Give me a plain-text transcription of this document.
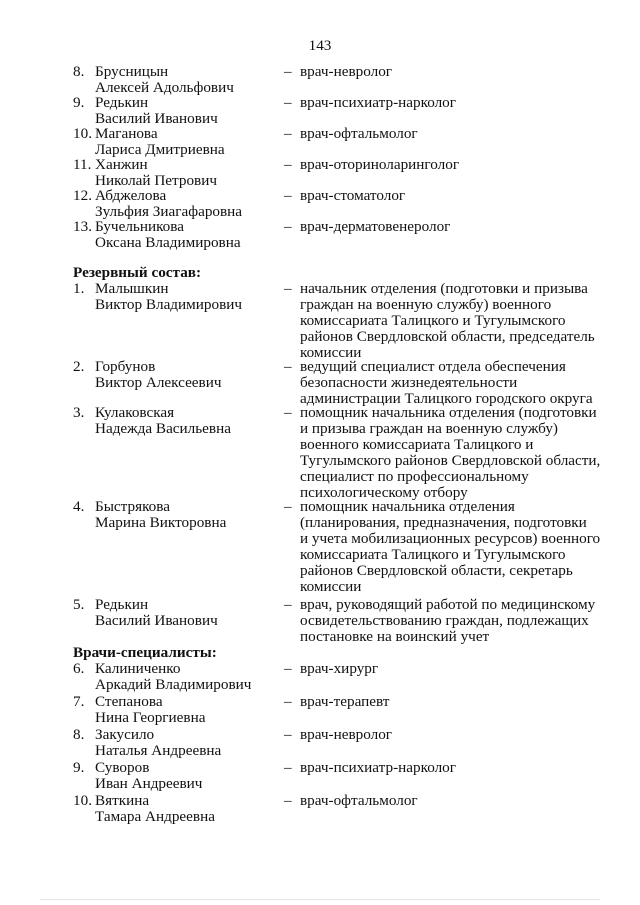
143
8. Брусницын
Алексей Адольфович
– врач-невролог
9. Редькин
Василий Иванович
– врач-психиатр-нарколог
10. Маганова
Лариса Дмитриевна
– врач-офтальмолог
11. Ханжин
Николай Петрович
– врач-оториноларинголог
12. Абджелова
Зульфия Зиагафаровна
– врач-стоматолог
13. Бучельникова
Оксана Владимировна
– врач-дерматовенеролог
Резервный состав:
1. Малышкин
Виктор Владимирович
– начальник отделения (подготовки и призыва
граждан на военную службу) военного
комиссариата Талицкого и Тугулымского
районов Свердловской области, председатель
комиссии
2. Горбунов
Виктор Алексеевич
– ведущий специалист отдела обеспечения
безопасности жизнедеятельности
администрации Талицкого городского округа
3. Кулаковская
Надежда Васильевна
– помощник начальника отделения (подготовки
и призыва граждан на военную службу)
военного комиссариата Талицкого и
Тугулымского районов Свердловской области,
специалист по профессиональному
психологическому отбору
4. Быстрякова
Марина Викторовна
– помощник начальника отделения
(планирования, предназначения, подготовки
и учета мобилизационных ресурсов) военного
комиссариата Талицкого и Тугулымского
районов Свердловской области, секретарь
комиссии
5. Редькин
Василий Иванович
– врач, руководящий работой по медицинскому
освидетельствованию граждан, подлежащих
постановке на воинский учет
Врачи-специалисты:
6. Калиниченко
Аркадий Владимирович
– врач-хирург
7. Степанова
Нина Георгиевна
– врач-терапевт
8. Закусило
Наталья Андреевна
– врач-невролог
9. Суворов
Иван Андреевич
– врач-психиатр-нарколог
10. Вяткина
Тамара Андреевна
– врач-офтальмолог
